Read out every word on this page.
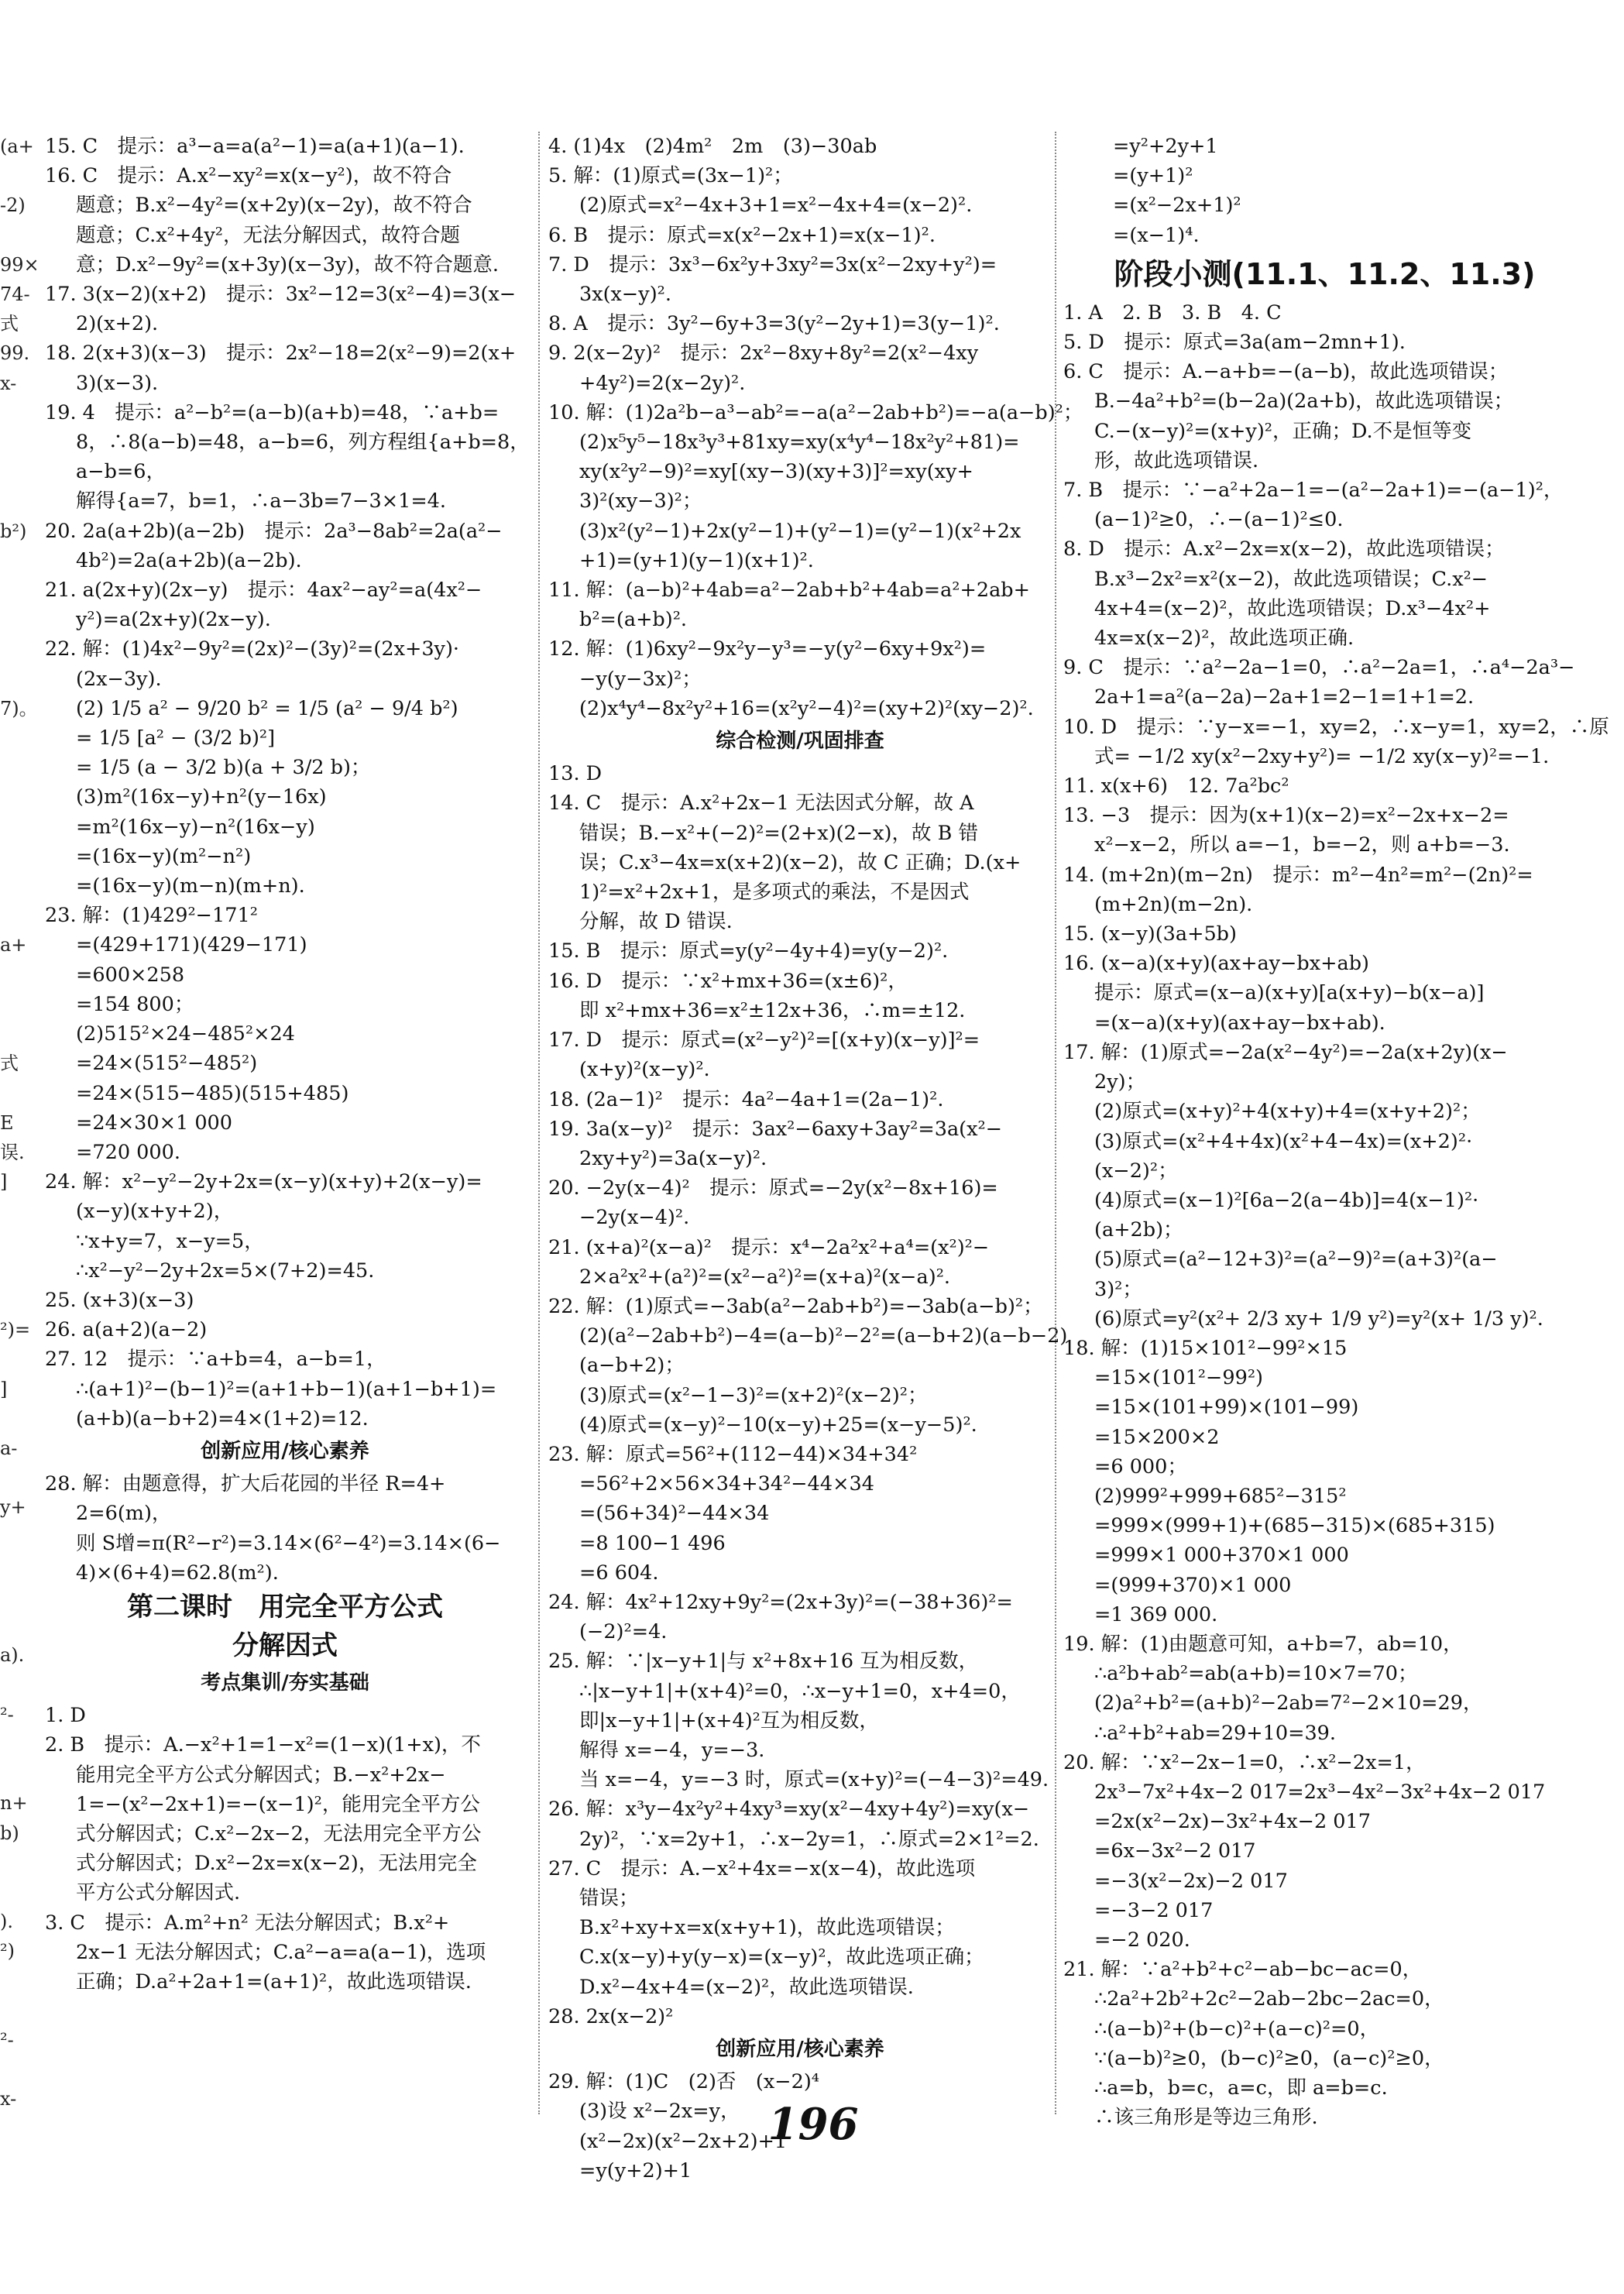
(a+

-2)

99×
74-
式
99.
x-

b²)

7)。

a+

式

E
误.
]

²)=

]

a-

y+

a).

²-

n+
b)

).
²)

²-

x-
15. C　提示：a³−a=a(a²−1)=a(a+1)(a−1).
16. C　提示：A.x²−xy²=x(x−y²)，故不符合
题意；B.x²−4y²=(x+2y)(x−2y)，故不符合
题意；C.x²+4y²，无法分解因式，故符合题
意；D.x²−9y²=(x+3y)(x−3y)，故不符合题意.
17. 3(x−2)(x+2)　提示：3x²−12=3(x²−4)=3(x−
2)(x+2).
18. 2(x+3)(x−3)　提示：2x²−18=2(x²−9)=2(x+
3)(x−3).
19. 4　提示：a²−b²=(a−b)(a+b)=48，∵a+b=
8，∴8(a−b)=48，a−b=6，列方程组{a+b=8，
a−b=6，
解得{a=7，b=1，∴a−3b=7−3×1=4.
20. 2a(a+2b)(a−2b)　提示：2a³−8ab²=2a(a²−
4b²)=2a(a+2b)(a−2b).
21. a(2x+y)(2x−y)　提示：4ax²−ay²=a(4x²−
y²)=a(2x+y)(2x−y).
22. 解：(1)4x²−9y²=(2x)²−(3y)²=(2x+3y)·
(2x−3y).
(2) 1/5 a² − 9/20 b² = 1/5 (a² − 9/4 b²)
= 1/5 [a² − (3/2 b)²]
= 1/5 (a − 3/2 b)(a + 3/2 b)；
(3)m²(16x−y)+n²(y−16x)
=m²(16x−y)−n²(16x−y)
=(16x−y)(m²−n²)
=(16x−y)(m−n)(m+n).
23. 解：(1)429²−171²
=(429+171)(429−171)
=600×258
=154 800；
(2)515²×24−485²×24
=24×(515²−485²)
=24×(515−485)(515+485)
=24×30×1 000
=720 000.
24. 解：x²−y²−2y+2x=(x−y)(x+y)+2(x−y)=
(x−y)(x+y+2)，
∵x+y=7，x−y=5，
∴x²−y²−2y+2x=5×(7+2)=45.
25. (x+3)(x−3)
26. a(a+2)(a−2)
27. 12　提示：∵a+b=4，a−b=1，
∴(a+1)²−(b−1)²=(a+1+b−1)(a+1−b+1)=
(a+b)(a−b+2)=4×(1+2)=12.
创新应用/核心素养
28. 解：由题意得，扩大后花园的半径 R=4+
2=6(m)，
则 S增=π(R²−r²)=3.14×(6²−4²)=3.14×(6−
4)×(6+4)=62.8(m²).
第二课时　用完全平方公式
分解因式
考点集训/夯实基础
1. D
2. B　提示：A.−x²+1=1−x²=(1−x)(1+x)，不
能用完全平方公式分解因式；B.−x²+2x−
1=−(x²−2x+1)=−(x−1)²，能用完全平方公
式分解因式；C.x²−2x−2，无法用完全平方公
式分解因式；D.x²−2x=x(x−2)，无法用完全
平方公式分解因式.
3. C　提示：A.m²+n² 无法分解因式；B.x²+
2x−1 无法分解因式；C.a²−a=a(a−1)，选项
正确；D.a²+2a+1=(a+1)²，故此选项错误.
4. (1)4x　(2)4m²　2m　(3)−30ab
5. 解：(1)原式=(3x−1)²；
(2)原式=x²−4x+3+1=x²−4x+4=(x−2)².
6. B　提示：原式=x(x²−2x+1)=x(x−1)².
7. D　提示：3x³−6x²y+3xy²=3x(x²−2xy+y²)=
3x(x−y)².
8. A　提示：3y²−6y+3=3(y²−2y+1)=3(y−1)².
9. 2(x−2y)²　提示：2x²−8xy+8y²=2(x²−4xy
+4y²)=2(x−2y)².
10. 解：(1)2a²b−a³−ab²=−a(a²−2ab+b²)=−a(a−b)²；
(2)x⁵y⁵−18x³y³+81xy=xy(x⁴y⁴−18x²y²+81)=
xy(x²y²−9)²=xy[(xy−3)(xy+3)]²=xy(xy+
3)²(xy−3)²；
(3)x²(y²−1)+2x(y²−1)+(y²−1)=(y²−1)(x²+2x
+1)=(y+1)(y−1)(x+1)².
11. 解：(a−b)²+4ab=a²−2ab+b²+4ab=a²+2ab+
b²=(a+b)².
12. 解：(1)6xy²−9x²y−y³=−y(y²−6xy+9x²)=
−y(y−3x)²；
(2)x⁴y⁴−8x²y²+16=(x²y²−4)²=(xy+2)²(xy−2)².
综合检测/巩固排查
13. D
14. C　提示：A.x²+2x−1 无法因式分解，故 A
错误；B.−x²+(−2)²=(2+x)(2−x)，故 B 错
误；C.x³−4x=x(x+2)(x−2)，故 C 正确；D.(x+
1)²=x²+2x+1，是多项式的乘法，不是因式
分解，故 D 错误.
15. B　提示：原式=y(y²−4y+4)=y(y−2)².
16. D　提示：∵x²+mx+36=(x±6)²，
即 x²+mx+36=x²±12x+36，∴m=±12.
17. D　提示：原式=(x²−y²)²=[(x+y)(x−y)]²=
(x+y)²(x−y)².
18. (2a−1)²　提示：4a²−4a+1=(2a−1)².
19. 3a(x−y)²　提示：3ax²−6axy+3ay²=3a(x²−
2xy+y²)=3a(x−y)².
20. −2y(x−4)²　提示：原式=−2y(x²−8x+16)=
−2y(x−4)².
21. (x+a)²(x−a)²　提示：x⁴−2a²x²+a⁴=(x²)²−
2×a²x²+(a²)²=(x²−a²)²=(x+a)²(x−a)².
22. 解：(1)原式=−3ab(a²−2ab+b²)=−3ab(a−b)²；
(2)(a²−2ab+b²)−4=(a−b)²−2²=(a−b+2)(a−b−2)
(a−b+2)；
(3)原式=(x²−1−3)²=(x+2)²(x−2)²；
(4)原式=(x−y)²−10(x−y)+25=(x−y−5)².
23. 解：原式=56²+(112−44)×34+34²
=56²+2×56×34+34²−44×34
=(56+34)²−44×34
=8 100−1 496
=6 604.
24. 解：4x²+12xy+9y²=(2x+3y)²=(−38+36)²=
(−2)²=4.
25. 解：∵|x−y+1|与 x²+8x+16 互为相反数，
∴|x−y+1|+(x+4)²=0，∴x−y+1=0，x+4=0，
即|x−y+1|+(x+4)²互为相反数，
解得 x=−4，y=−3.
当 x=−4，y=−3 时，原式=(x+y)²=(−4−3)²=49.
26. 解：x³y−4x²y²+4xy³=xy(x²−4xy+4y²)=xy(x−
2y)²，∵x=2y+1，∴x−2y=1，∴原式=2×1²=2.
27. C　提示：A.−x²+4x=−x(x−4)，故此选项
错误；
B.x²+xy+x=x(x+y+1)，故此选项错误；
C.x(x−y)+y(y−x)=(x−y)²，故此选项正确；
D.x²−4x+4=(x−2)²，故此选项错误.
28. 2x(x−2)²
创新应用/核心素养
29. 解：(1)C　(2)否　(x−2)⁴
(3)设 x²−2x=y，
(x²−2x)(x²−2x+2)+1
=y(y+2)+1
=y²+2y+1
=(y+1)²
=(x²−2x+1)²
=(x−1)⁴.
阶段小测(11.1、11.2、11.3)
1. A　2. B　3. B　4. C
5. D　提示：原式=3a(am−2mn+1).
6. C　提示：A.−a+b=−(a−b)，故此选项错误；
B.−4a²+b²=(b−2a)(2a+b)，故此选项错误；
C.−(x−y)²=(x+y)²，正确；D.不是恒等变
形，故此选项错误.
7. B　提示：∵−a²+2a−1=−(a²−2a+1)=−(a−1)²，
(a−1)²≥0，∴−(a−1)²≤0.
8. D　提示：A.x²−2x=x(x−2)，故此选项错误；
B.x³−2x²=x²(x−2)，故此选项错误；C.x²−
4x+4=(x−2)²，故此选项错误；D.x³−4x²+
4x=x(x−2)²，故此选项正确.
9. C　提示：∵a²−2a−1=0，∴a²−2a=1，∴a⁴−2a³−
2a+1=a²(a−2a)−2a+1=2−1=1+1=2.
10. D　提示：∵y−x=−1，xy=2，∴x−y=1，xy=2，∴原
式= −1/2 xy(x²−2xy+y²)= −1/2 xy(x−y)²=−1.
11. x(x+6)　12. 7a²bc²
13. −3　提示：因为(x+1)(x−2)=x²−2x+x−2=
x²−x−2，所以 a=−1，b=−2，则 a+b=−3.
14. (m+2n)(m−2n)　提示：m²−4n²=m²−(2n)²=
(m+2n)(m−2n).
15. (x−y)(3a+5b)
16. (x−a)(x+y)(ax+ay−bx+ab)
提示：原式=(x−a)(x+y)[a(x+y)−b(x−a)]
=(x−a)(x+y)(ax+ay−bx+ab).
17. 解：(1)原式=−2a(x²−4y²)=−2a(x+2y)(x−
2y)；
(2)原式=(x+y)²+4(x+y)+4=(x+y+2)²；
(3)原式=(x²+4+4x)(x²+4−4x)=(x+2)²·
(x−2)²；
(4)原式=(x−1)²[6a−2(a−4b)]=4(x−1)²·
(a+2b)；
(5)原式=(a²−12+3)²=(a²−9)²=(a+3)²(a−
3)²；
(6)原式=y²(x²+ 2/3 xy+ 1/9 y²)=y²(x+ 1/3 y)².
18. 解：(1)15×101²−99²×15
=15×(101²−99²)
=15×(101+99)×(101−99)
=15×200×2
=6 000；
(2)999²+999+685²−315²
=999×(999+1)+(685−315)×(685+315)
=999×1 000+370×1 000
=(999+370)×1 000
=1 369 000.
19. 解：(1)由题意可知，a+b=7，ab=10，
∴a²b+ab²=ab(a+b)=10×7=70；
(2)a²+b²=(a+b)²−2ab=7²−2×10=29，
∴a²+b²+ab=29+10=39.
20. 解：∵x²−2x−1=0，∴x²−2x=1，
2x³−7x²+4x−2 017=2x³−4x²−3x²+4x−2 017
=2x(x²−2x)−3x²+4x−2 017
=6x−3x²−2 017
=−3(x²−2x)−2 017
=−3−2 017
=−2 020.
21. 解：∵a²+b²+c²−ab−bc−ac=0，
∴2a²+2b²+2c²−2ab−2bc−2ac=0，
∴(a−b)²+(b−c)²+(a−c)²=0，
∵(a−b)²≥0，(b−c)²≥0，(a−c)²≥0，
∴a=b，b=c，a=c，即 a=b=c.
∴该三角形是等边三角形.
196
